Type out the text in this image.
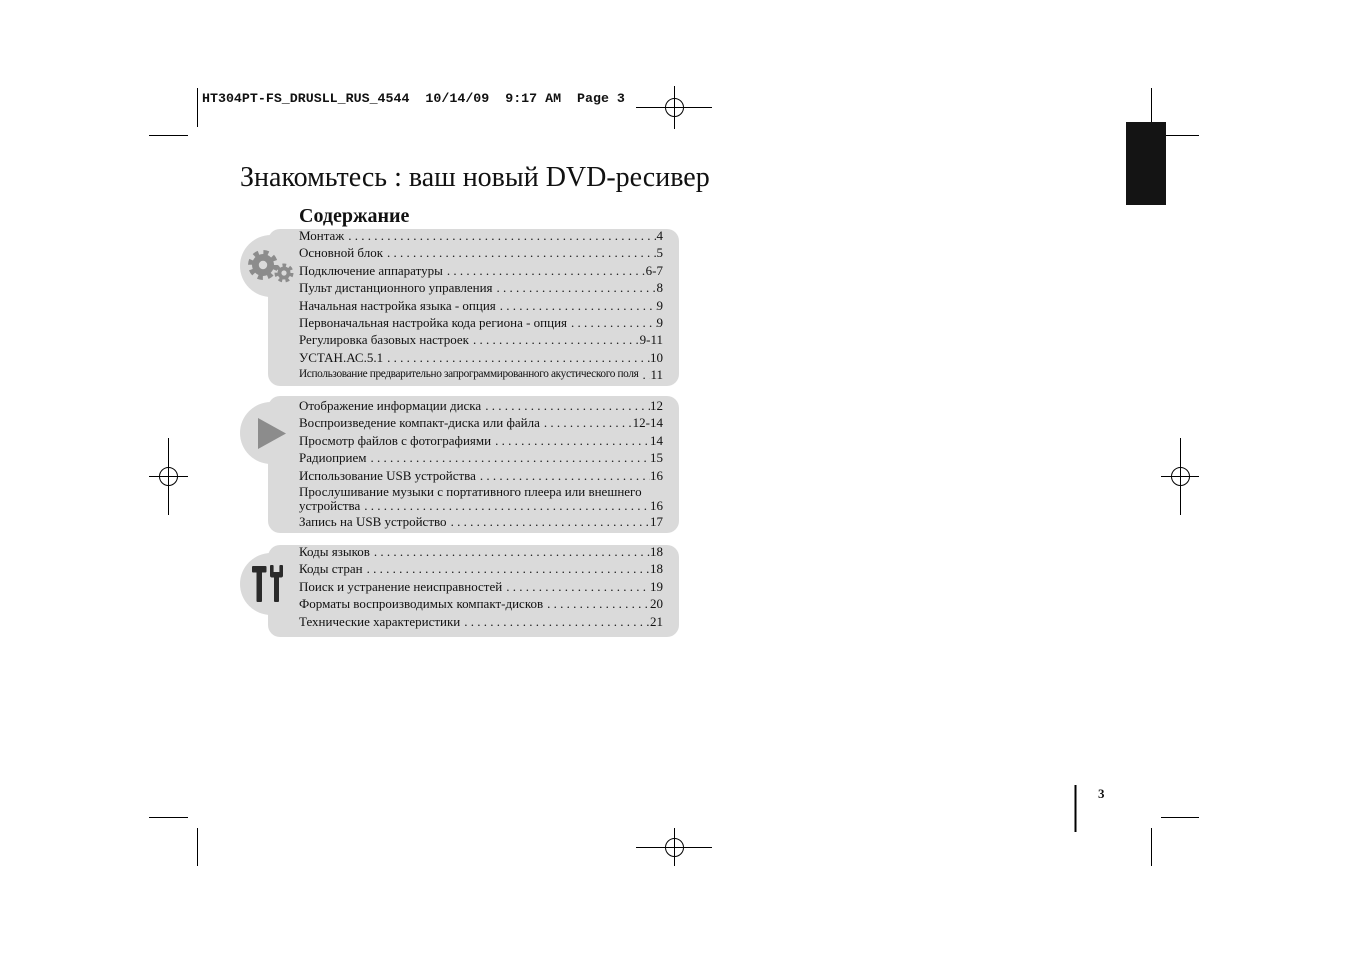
HT304PT-FS_DRUSLL_RUS_4544  10/14/09  9:17 AM  Page 3
Знакомьтесь : ваш новый DVD-ресивер
Содержание
Монтаж . . .	4
Основной блок . . .	5
Подключение аппаратуры . . .	6-7
Пульт дистанционного управления . . .	8
Начальная настройка языка - опция . . .	9
Первоначальная настройка кода региона - опция . . .	9
Регулировка базовых настроек . . .	9-11
УСТАН.АС.5.1 . . .	10
Использование предварительно запрограммированного акустического поля . . . 11
Отображение информации диска . . .	12
Воспроизведение компакт-диска или файла . . .	12-14
Просмотр файлов с фотографиями . . .	14
Радиоприем . . .	15
Использование USB устройства . . .	16
Прослушивание музыки с портативного плеера или внешнего
устройства . . .	16
Запись на USB устройство . . .	17
Коды языков . . .	18
Коды стран . . .	18
Поиск и устранение неисправностей . . .	19
Форматы воспроизводимых компакт-дисков . . .	20
Технические характеристики . . .	21
3
